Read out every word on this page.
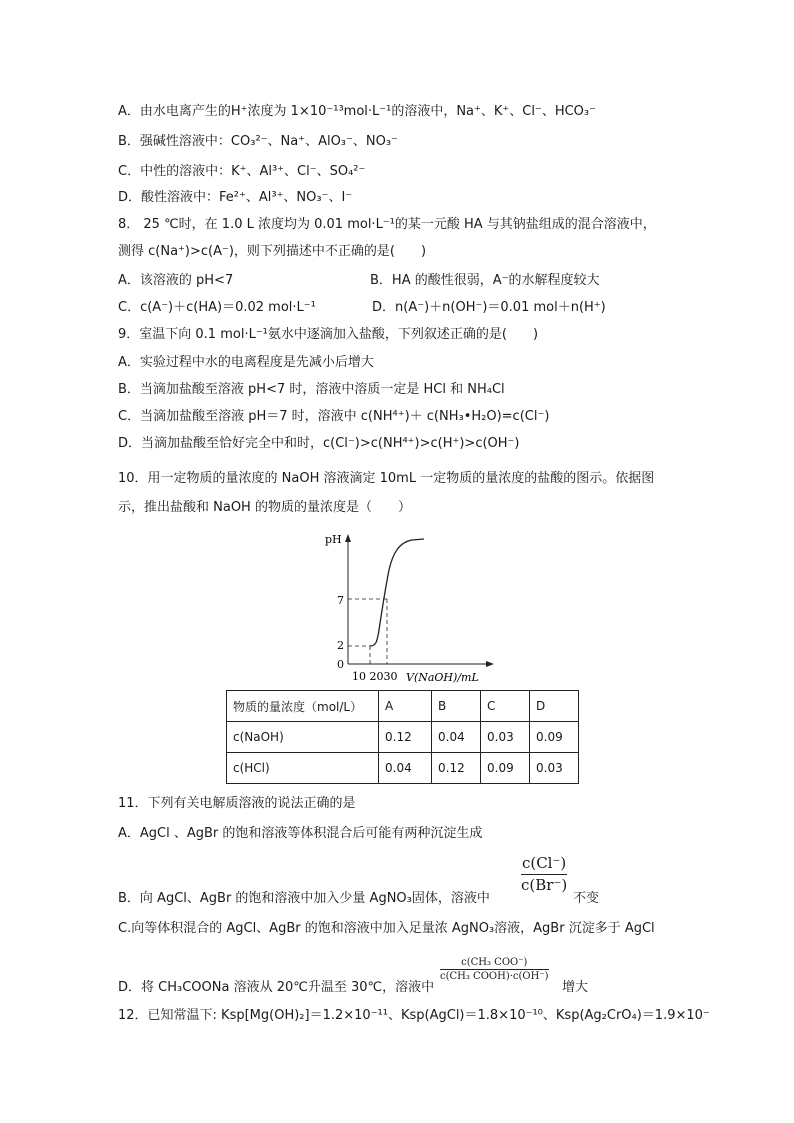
A．由水电离产生的H⁺浓度为 1×10⁻¹³mol·L⁻¹的溶液中，Na⁺、K⁺、Cl⁻、HCO₃⁻
B．强碱性溶液中：CO₃²⁻、Na⁺、AlO₃⁻、NO₃⁻
C．中性的溶液中：K⁺、Al³⁺、Cl⁻、SO₄²⁻
D．酸性溶液中：Fe²⁺、Al³⁺、NO₃⁻、I⁻
8． 25 ℃时，在 1.0 L 浓度均为 0.01 mol·L⁻¹的某一元酸 HA 与其钠盐组成的混合溶液中，
测得 c(Na⁺)>c(A⁻)，则下列描述中不正确的是(　　)
A．该溶液的 pH<7	B．HA 的酸性很弱，A⁻的水解程度较大
C．c(A⁻)＋c(HA)＝0.02 mol·L⁻¹	D．n(A⁻)＋n(OH⁻)＝0.01 mol＋n(H⁺)
9．室温下向 0.1 mol·L⁻¹氨水中逐滴加入盐酸，下列叙述正确的是(　　)
A．实验过程中水的电离程度是先减小后增大
B．当滴加盐酸至溶液 pH<7 时，溶液中溶质一定是 HCl 和 NH₄Cl
C．当滴加盐酸至溶液 pH＝7 时，溶液中 c(NH⁴⁺)＋ c(NH₃•H₂O)=c(Cl⁻)
D．当滴加盐酸至恰好完全中和时，c(Cl⁻)>c(NH⁴⁺)>c(H⁺)>c(OH⁻)
10．用一定物质的量浓度的 NaOH 溶液滴定 10mL 一定物质的量浓度的盐酸的图示。依据图
示，推出盐酸和 NaOH 的物质的量浓度是（　　）
pH
7
2
0
10 2030 V(NaOH)/mL
物质的量浓度（mol/L）	A	B	C	D
c(NaOH)	0.12	0.04	0.03	0.09
c(HCl)	0.04	0.12	0.09	0.03
11．下列有关电解质溶液的说法正确的是
A．AgCl 、AgBr 的饱和溶液等体积混合后可能有两种沉淀生成
c(Cl⁻)
c(Br⁻)
B．向 AgCl、AgBr 的饱和溶液中加入少量 AgNO₃固体，溶液中	不变
C.向等体积混合的 AgCl、AgBr 的饱和溶液中加入足量浓 AgNO₃溶液，AgBr 沉淀多于 AgCl
c(CH₃ COO⁻)
c(CH₃ COOH)·c(OH⁻)
D．将 CH₃COONa 溶液从 20℃升温至 30℃，溶液中	增大
12．已知常温下: Ksp[Mg(OH)₂]＝1.2×10⁻¹¹、Ksp(AgCl)＝1.8×10⁻¹⁰、Ksp(Ag₂CrO₄)＝1.9×10⁻
